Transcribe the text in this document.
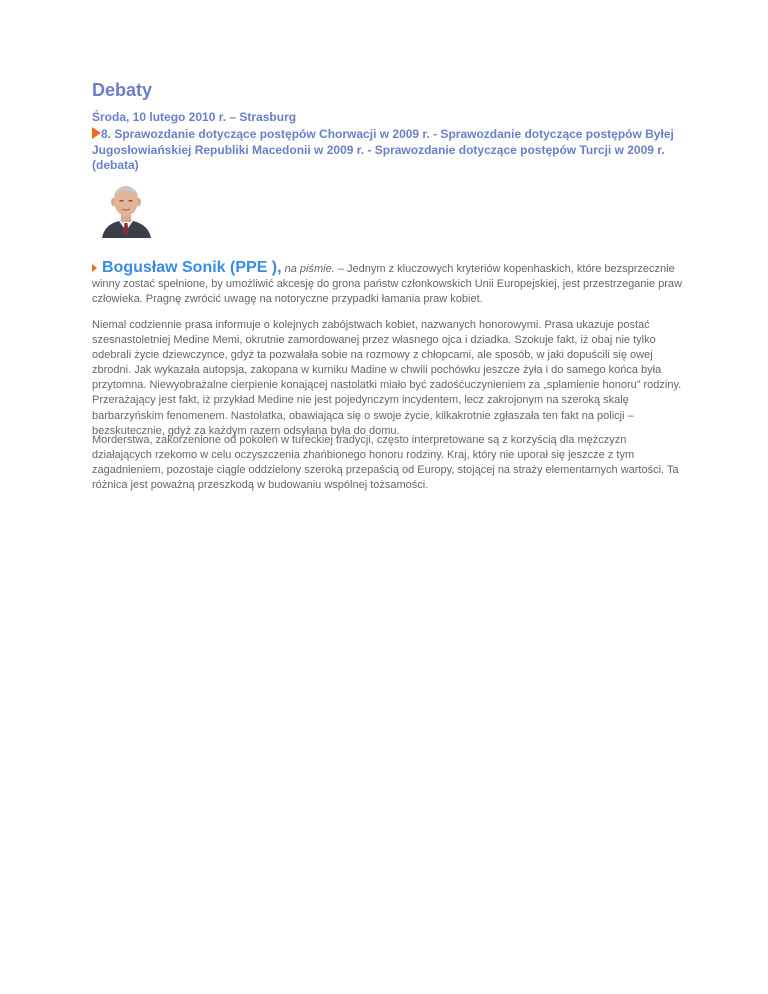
Debaty
Środa, 10 lutego 2010 r. – Strasburg
8. Sprawozdanie dotyczące postępów Chorwacji w 2009 r. - Sprawozdanie dotyczące postępów Byłej Jugosłowiańskiej Republiki Macedonii w 2009 r. - Sprawozdanie dotyczące postępów Turcji w 2009 r. (debata)
Bogusław Sonik (PPE ), na piśmie. – Jednym z kluczowych kryteriów kopenhaskich, które bezsprzecznie winny zostać spełnione, by umożliwić akcesję do grona państw członkowskich Unii Europejskiej, jest przestrzeganie praw człowieka. Pragnę zwrócić uwagę na notoryczne przypadki łamania praw kobiet.

Niemal codziennie prasa informuje o kolejnych zabójstwach kobiet, nazwanych honorowymi. Prasa ukazuje postać szesnastoletniej Medine Memi, okrutnie zamordowanej przez własnego ojca i dziadka. Szokuje fakt, iż obaj nie tylko odebrali życie dziewczynce, gdyż ta pozwalała sobie na rozmowy z chłopcami, ale sposób, w jaki dopuścili się owej zbrodni. Jak wykazała autopsja, zakopana w kurniku Madine w chwili pochówku jeszcze żyła i do samego końca była przytomna. Niewyobrażalne cierpienie konającej nastolatki miało być zadośćuczynieniem za „splamienie honoru” rodziny. Przerażający jest fakt, iż przykład Medine nie jest pojedynczym incydentem, lecz zakrojonym na szeroką skalę barbarzyńskim fenomenem. Nastolatka, obawiająca się o swoje życie, kilkakrotnie zgłaszała ten fakt na policji – bezskutecznie, gdyż za każdym razem odsyłana była do domu.

Morderstwa, zakorzenione od pokoleń w tureckiej tradycji, często interpretowane są z korzyścią dla mężczyzn działających rzekomo w celu oczyszczenia zhańbionego honoru rodziny. Kraj, który nie uporał się jeszcze z tym zagadnieniem, pozostaje ciągle oddzielony szeroką przepaścią od Europy, stojącej na straży elementarnych wartości. Ta różnica jest poważną przeszkodą w budowaniu wspólnej tożsamości.
